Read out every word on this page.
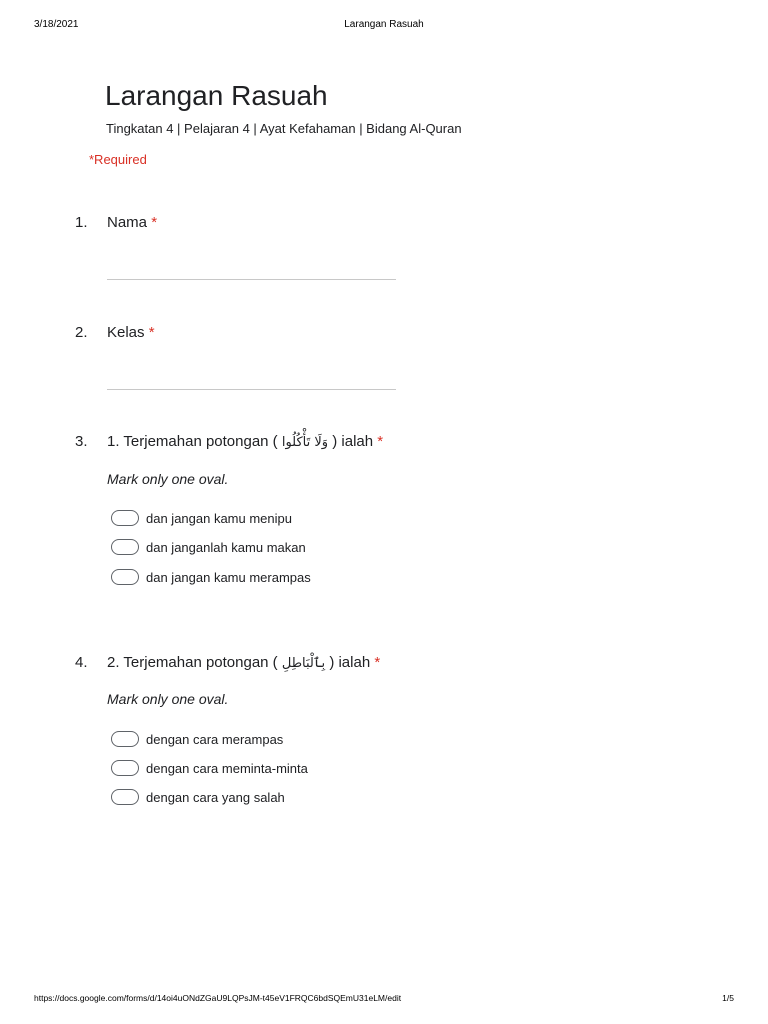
3/18/2021	Larangan Rasuah
Larangan Rasuah
Tingkatan 4 | Pelajaran 4 | Ayat Kefahaman | Bidang Al-Quran
*Required
1. Nama *
2. Kelas *
3. 1. Terjemahan potongan ( وَلَا تَأْكُلُوا ) ialah *
Mark only one oval.
dan jangan kamu menipu
dan janganlah kamu makan
dan jangan kamu merampas
4. 2. Terjemahan potongan ( بِٱلْبَاطِلِ ) ialah *
Mark only one oval.
dengan cara merampas
dengan cara meminta-minta
dengan cara yang salah
https://docs.google.com/forms/d/14oi4uONdZGaU9LQPsJM-t45eV1FRQC6bdSQEmU31eLM/edit	1/5
